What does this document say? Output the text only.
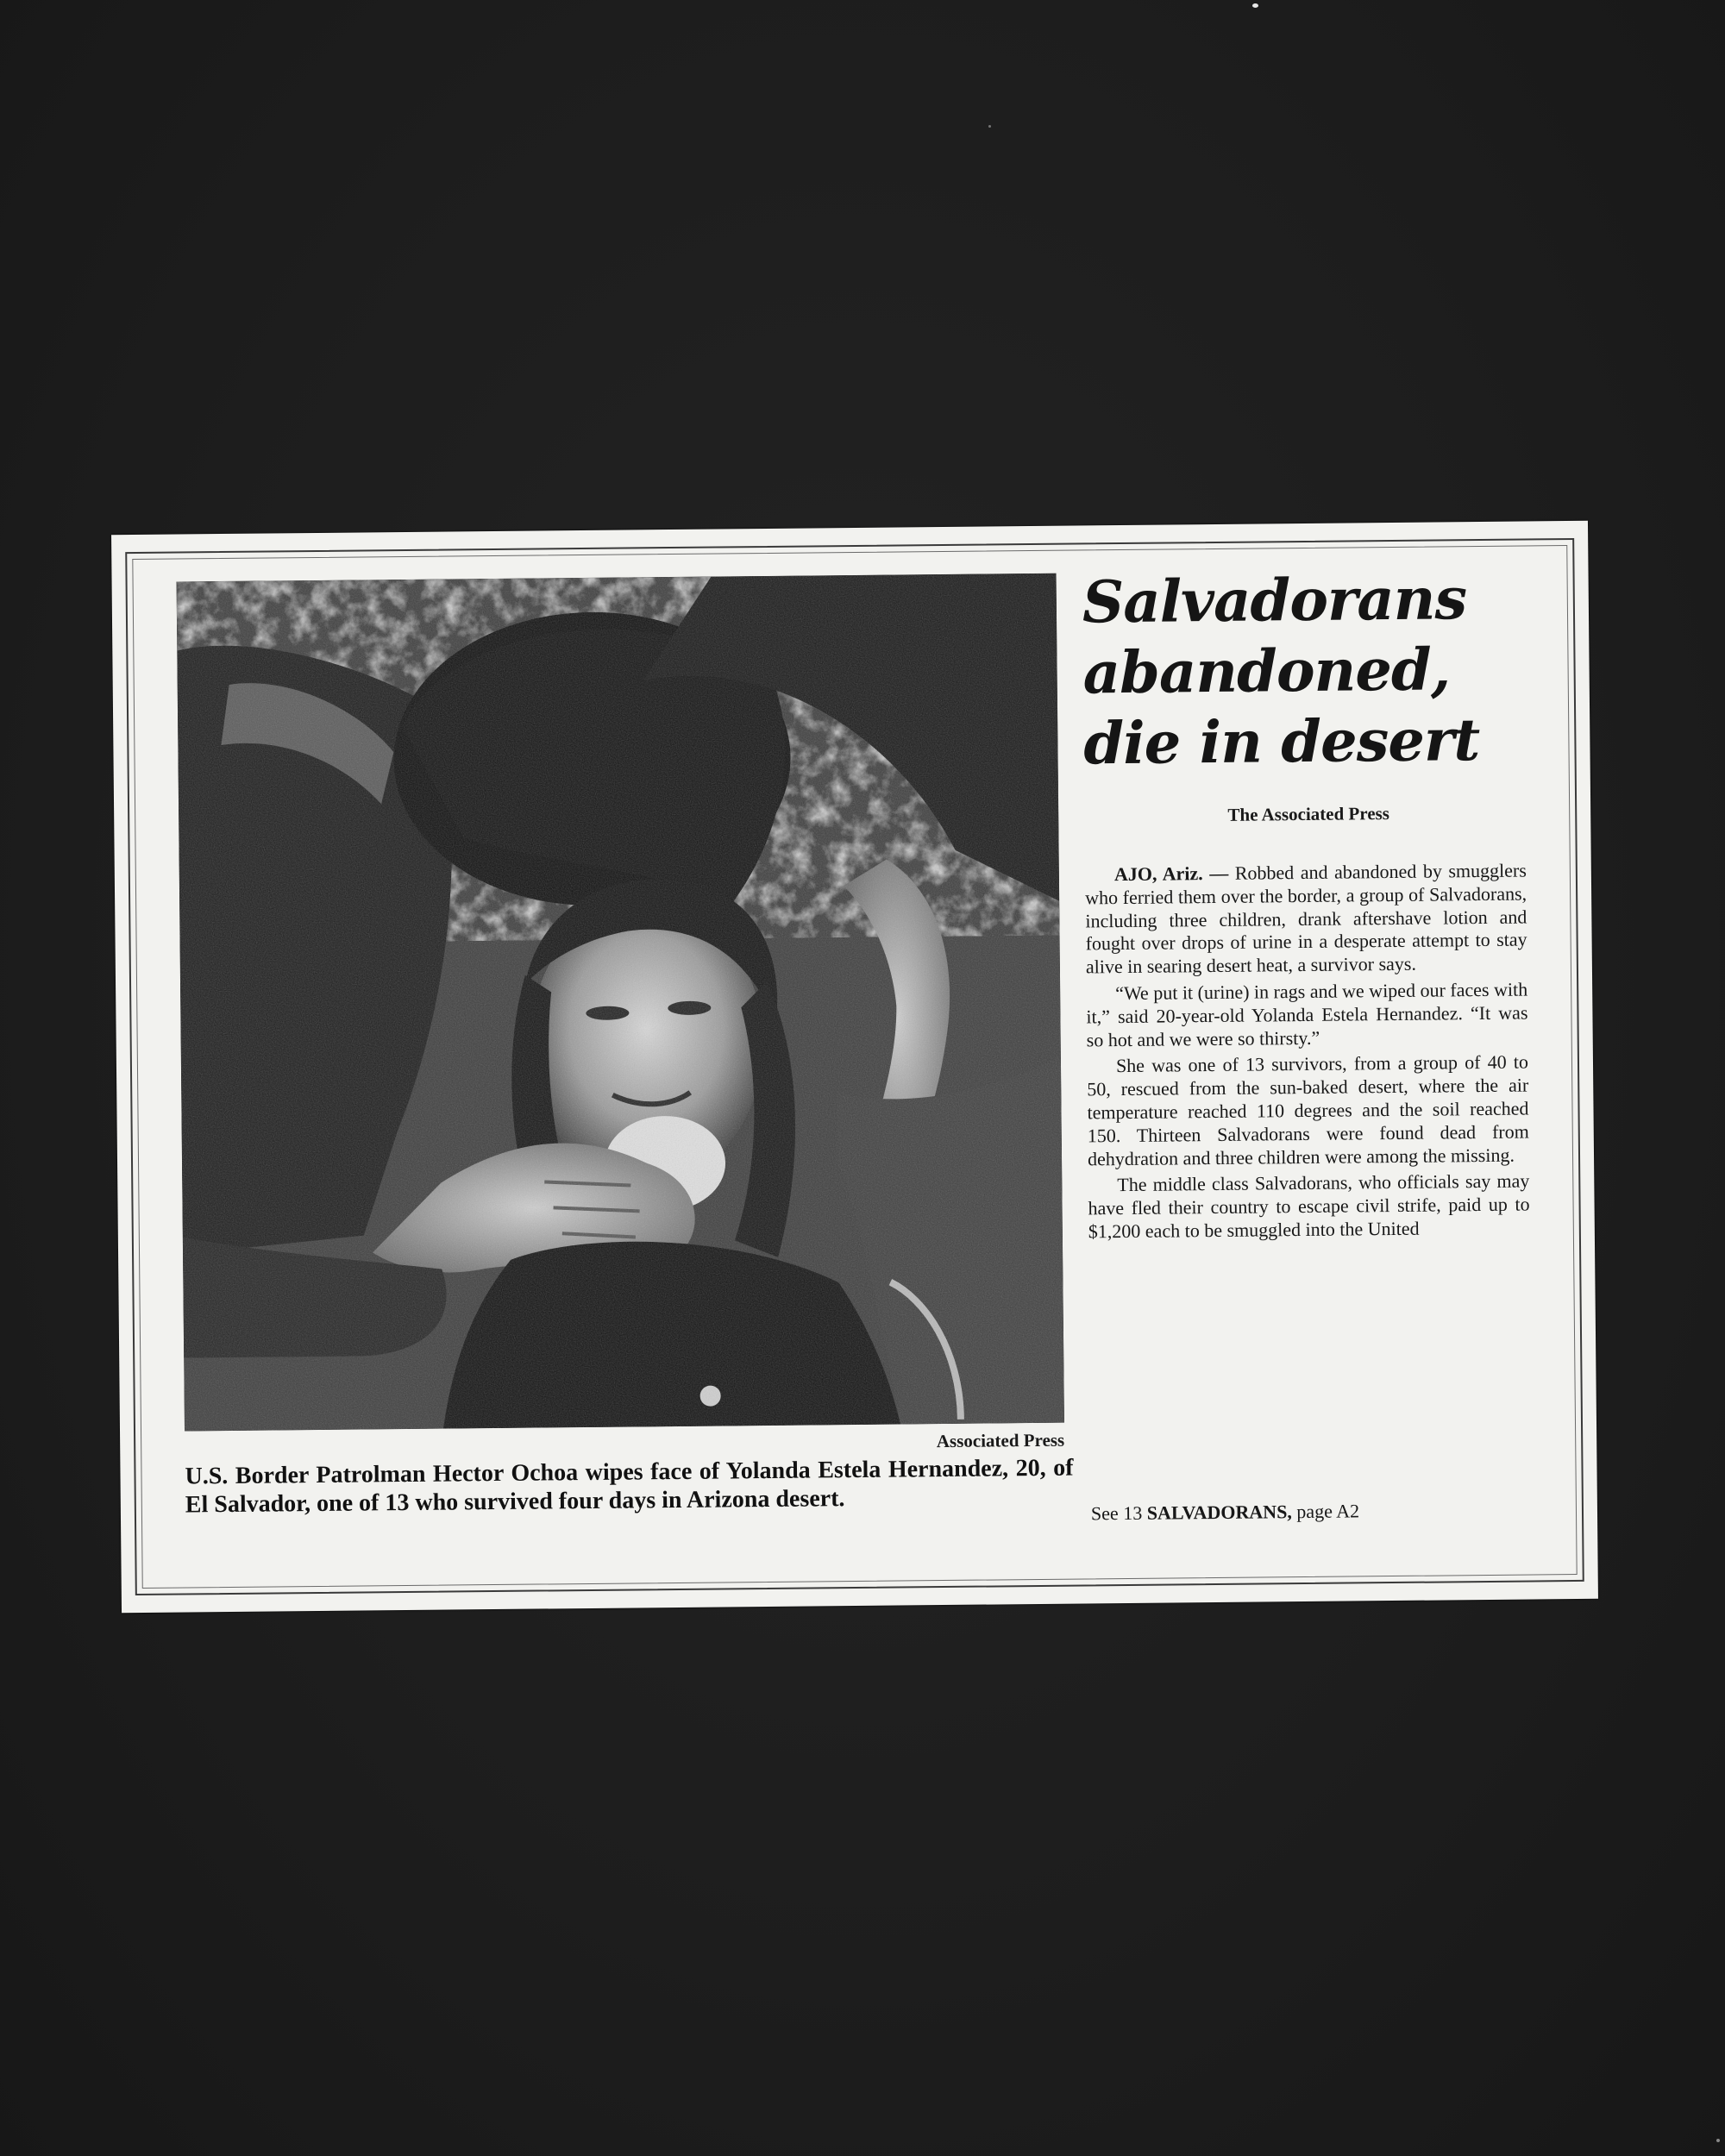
Associated Press
U.S. Border Patrolman Hector Ochoa wipes face of Yolanda Estela Hernandez, 20, of El Salvador, one of 13 who survived four days in Arizona desert.
Salvadorans
abandoned,
die in desert
The Associated Press

AJO, Ariz. — Robbed and abandoned by smugglers who ferried them over the border, a group of Salvadorans, including three children, drank aftershave lotion and fought over drops of urine in a desperate attempt to stay alive in searing desert heat, a survivor says.

“We put it (urine) in rags and we wiped our faces with it,” said 20-year-old Yolanda Estela Hernandez. “It was so hot and we were so thirsty.”

She was one of 13 survivors, from a group of 40 to 50, rescued from the sun-baked desert, where the air temperature reached 110 degrees and the soil reached 150. Thirteen Salvadorans were found dead from dehydration and three children were among the missing.

The middle class Salvadorans, who officials say may have fled their country to escape civil strife, paid up to $1,200 each to be smuggled into the United

See 13 SALVADORANS, page A2
